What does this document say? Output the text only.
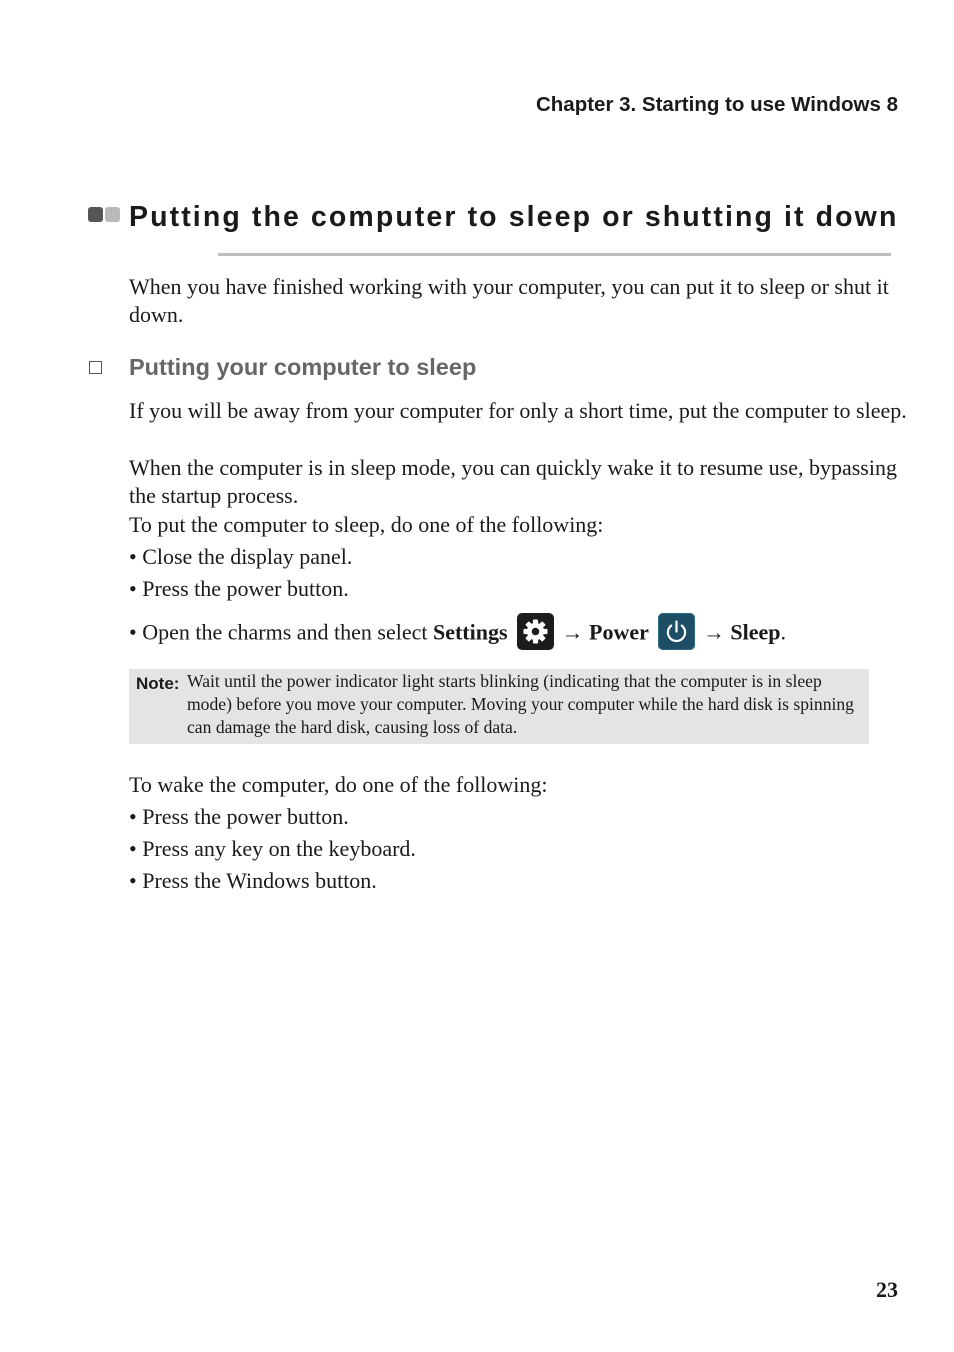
Chapter 3. Starting to use Windows 8
Putting the computer to sleep or shutting it down
When you have finished working with your computer, you can put it to sleep or shut it down.
Putting your computer to sleep

If you will be away from your computer for only a short time, put the computer to sleep.

When the computer is in sleep mode, you can quickly wake it to resume use, bypassing the startup process.

To put the computer to sleep, do one of the following:

• Close the display panel.
• Press the power button.
• Open the charms and then select Settings
→ Power
→ Sleep.
Note: Wait until the power indicator light starts blinking (indicating that the computer is in sleep mode) before you move your computer. Moving your computer while the hard disk is spinning can damage the hard disk, causing loss of data.

To wake the computer, do one of the following:

• Press the power button.
• Press any key on the keyboard.
• Press the Windows button.
23
